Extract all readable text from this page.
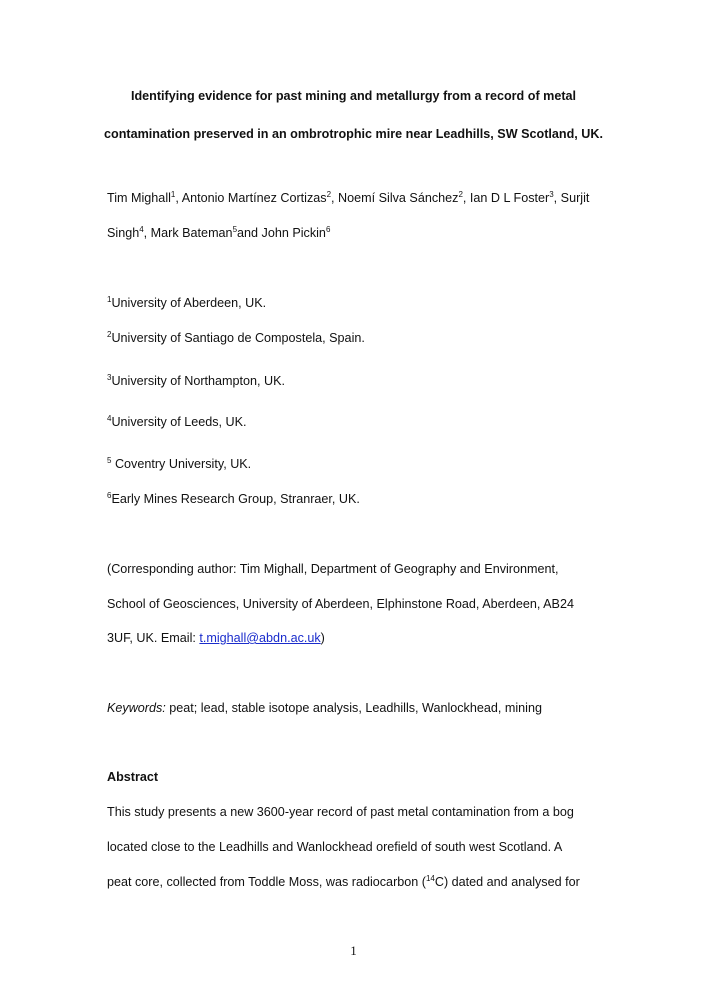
Identifying evidence for past mining and metallurgy from a record of metal
contamination preserved in an ombrotrophic mire near Leadhills, SW Scotland, UK.
Tim Mighall$^1$, Antonio Martínez Cortizas$^2$, Noemí Silva Sánchez$^2$, Ian D L Foster$^3$, Surjit
Singh$^4$, Mark Bateman$^5$and John Pickin$^6$
$^1$University of Aberdeen, UK.
$^2$University of Santiago de Compostela, Spain.
$^3$University of Northampton, UK.
$^4$University of Leeds, UK.
$^5$ Coventry University, UK.
$^6$Early Mines Research Group, Stranraer, UK.
(Corresponding author: Tim Mighall, Department of Geography and Environment,
School of Geosciences, University of Aberdeen, Elphinstone Road, Aberdeen, AB24
3UF, UK. Email: t.mighall@abdn.ac.uk)
Keywords: peat; lead, stable isotope analysis, Leadhills, Wanlockhead, mining
Abstract
This study presents a new 3600-year record of past metal contamination from a bog
located close to the Leadhills and Wanlockhead orefield of south west Scotland. A
peat core, collected from Toddle Moss, was radiocarbon ($^{14}$C) dated and analysed for
1
